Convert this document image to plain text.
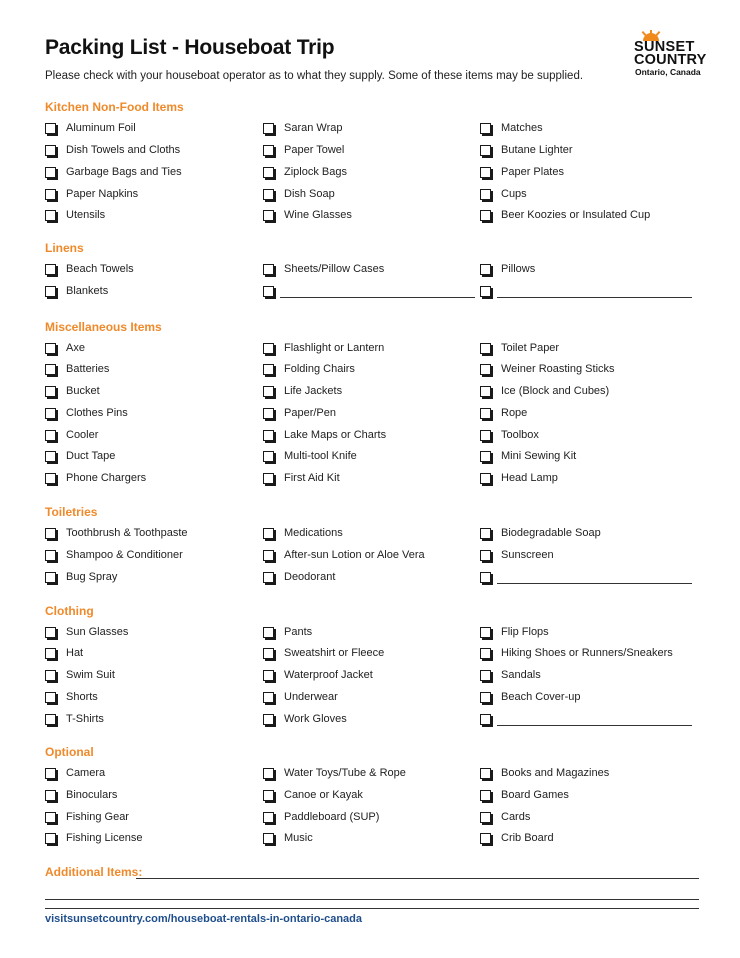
Packing List - Houseboat Trip
Please check with your houseboat operator as to what they supply. Some of these items may be supplied.
SUNSET
COUNTRY
Ontario, Canada
Kitchen Non-Food Items
Aluminum Foil
Dish Towels and Cloths
Garbage Bags and Ties
Paper Napkins
Utensils
Saran Wrap
Paper Towel
Ziplock Bags
Dish Soap
Wine Glasses
Matches
Butane Lighter
Paper Plates
Cups
Beer Koozies or Insulated Cup
Linens
Beach Towels
Blankets
Sheets/Pillow Cases	Pillows
Miscellaneous Items
Axe
Batteries
Bucket
Clothes Pins
Cooler
Duct Tape
Phone Chargers
Flashlight or Lantern
Folding Chairs
Life Jackets
Paper/Pen
Lake Maps or Charts
Multi-tool Knife
First Aid Kit
Toilet Paper
Weiner Roasting Sticks
Ice (Block and Cubes)
Rope
Toolbox
Mini Sewing Kit
Head Lamp
Toiletries
Toothbrush & Toothpaste
Shampoo & Conditioner
Bug Spray
Medications
After-sun Lotion or Aloe Vera
Deodorant
Biodegradable Soap
Sunscreen
Clothing
Sun Glasses
Hat
Swim Suit
Shorts
T-Shirts
Pants
Sweatshirt or Fleece
Waterproof Jacket
Underwear
Work Gloves
Flip Flops
Hiking Shoes or Runners/Sneakers
Sandals
Beach Cover-up
Optional
Camera
Binoculars
Fishing Gear
Fishing License
Water Toys/Tube & Rope
Canoe or Kayak
Paddleboard (SUP)
Music
Books and Magazines
Board Games
Cards
Crib Board
Additional Items:
visitsunsetcountry.com/houseboat-rentals-in-ontario-canada
